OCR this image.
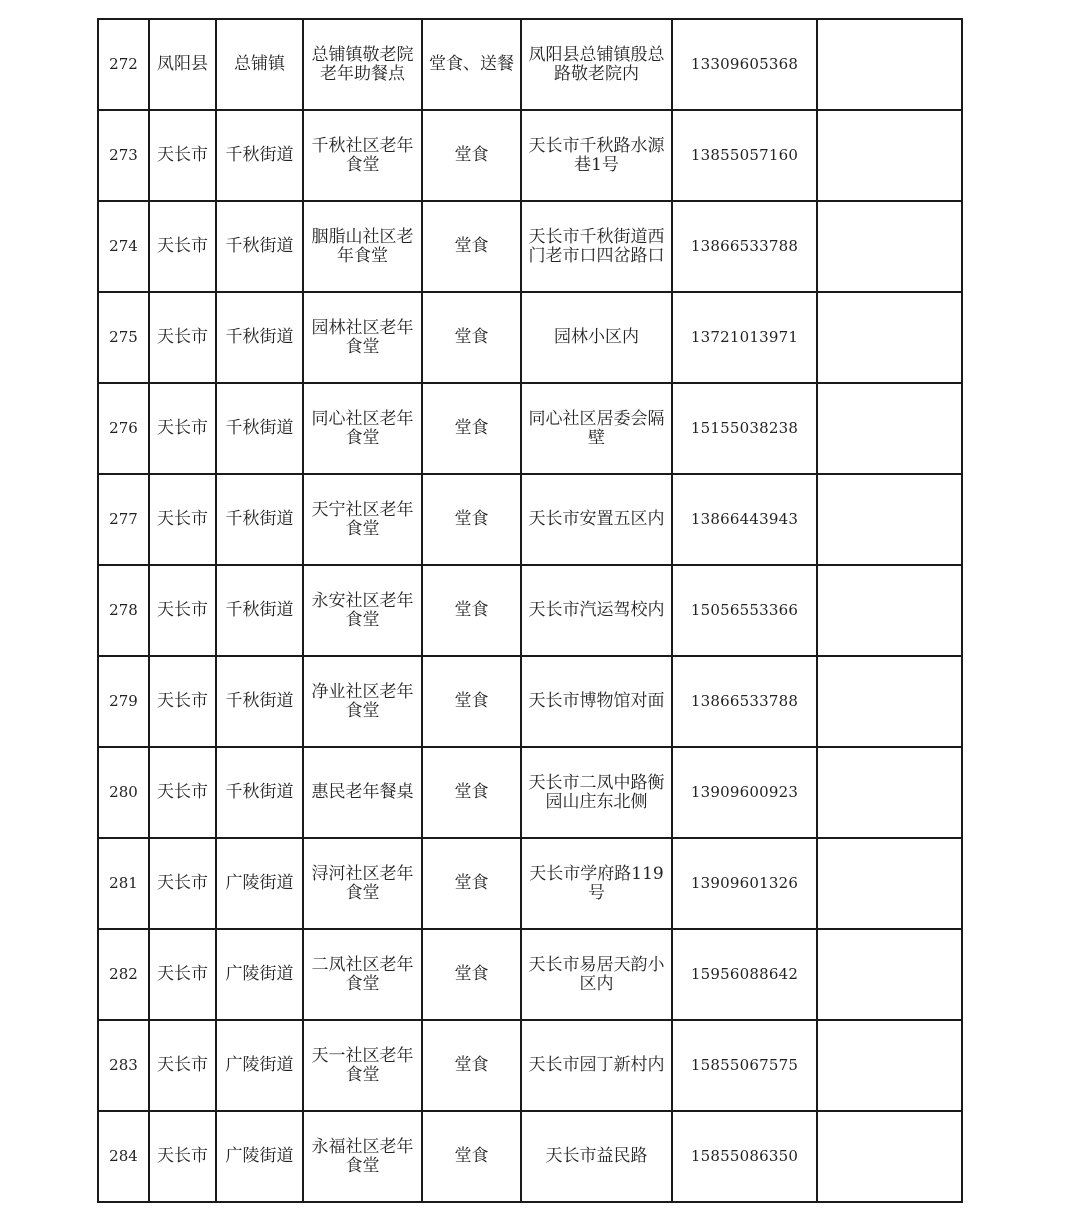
272	凤阳县	总铺镇	总铺镇敬老院老年助餐点	堂食、送餐	凤阳县总铺镇殷总路敬老院内	13309605368	
273	天长市	千秋街道	千秋社区老年食堂	堂食	天长市千秋路水源巷1号	13855057160	
274	天长市	千秋街道	胭脂山社区老年食堂	堂食	天长市千秋街道西门老市口四岔路口	13866533788	
275	天长市	千秋街道	园林社区老年食堂	堂食	园林小区内	13721013971	
276	天长市	千秋街道	同心社区老年食堂	堂食	同心社区居委会隔壁	15155038238	
277	天长市	千秋街道	天宁社区老年食堂	堂食	天长市安置五区内	13866443943	
278	天长市	千秋街道	永安社区老年食堂	堂食	天长市汽运驾校内	15056553366	
279	天长市	千秋街道	净业社区老年食堂	堂食	天长市博物馆对面	13866533788	
280	天长市	千秋街道	惠民老年餐桌	堂食	天长市二凤中路衡园山庄东北侧	13909600923	
281	天长市	广陵街道	浔河社区老年食堂	堂食	天长市学府路119号	13909601326	
282	天长市	广陵街道	二凤社区老年食堂	堂食	天长市易居天韵小区内	15956088642	
283	天长市	广陵街道	天一社区老年食堂	堂食	天长市园丁新村内	15855067575	
284	天长市	广陵街道	永福社区老年食堂	堂食	天长市益民路	15855086350	
